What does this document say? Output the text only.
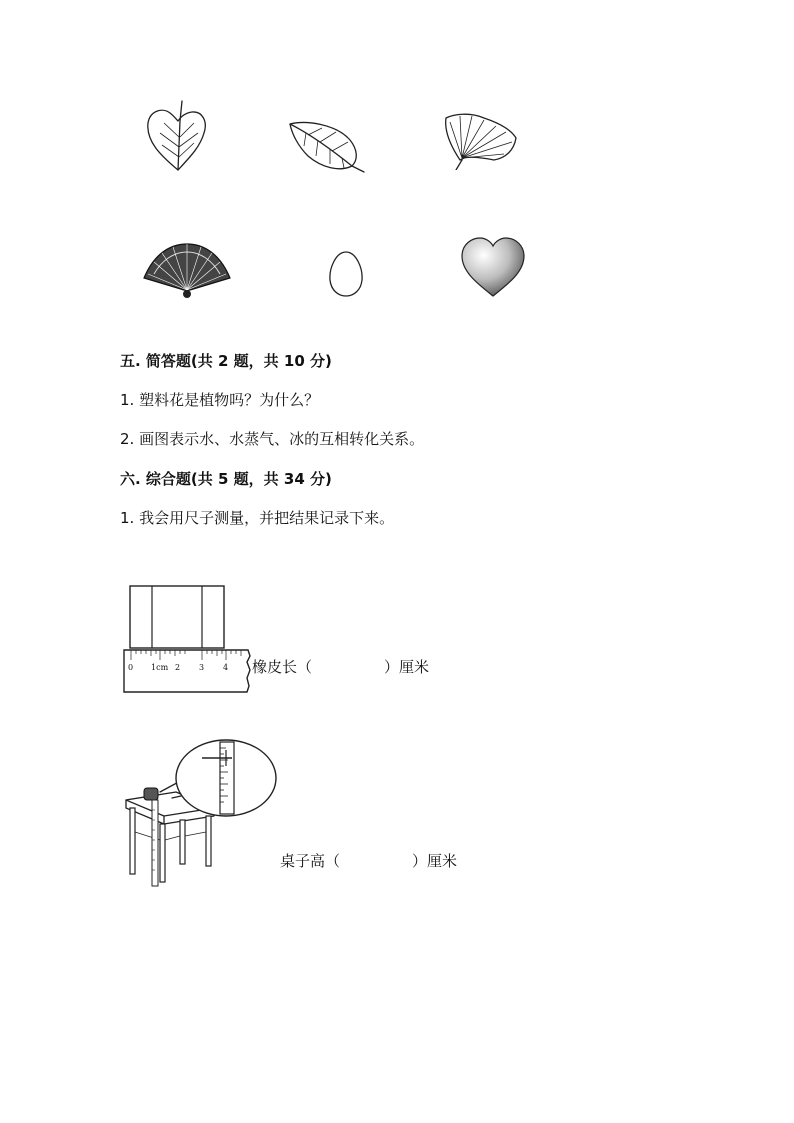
五. 简答题(共 2 题，共 10 分)
1. 塑料花是植物吗？为什么？
2. 画图表示水、水蒸气、冰的互相转化关系。
六. 综合题(共 5 题，共 34 分)
1. 我会用尺子测量，并把结果记录下来。
0 1cm 2 3 4 橡皮长（	）厘米
桌子高（	）厘米
